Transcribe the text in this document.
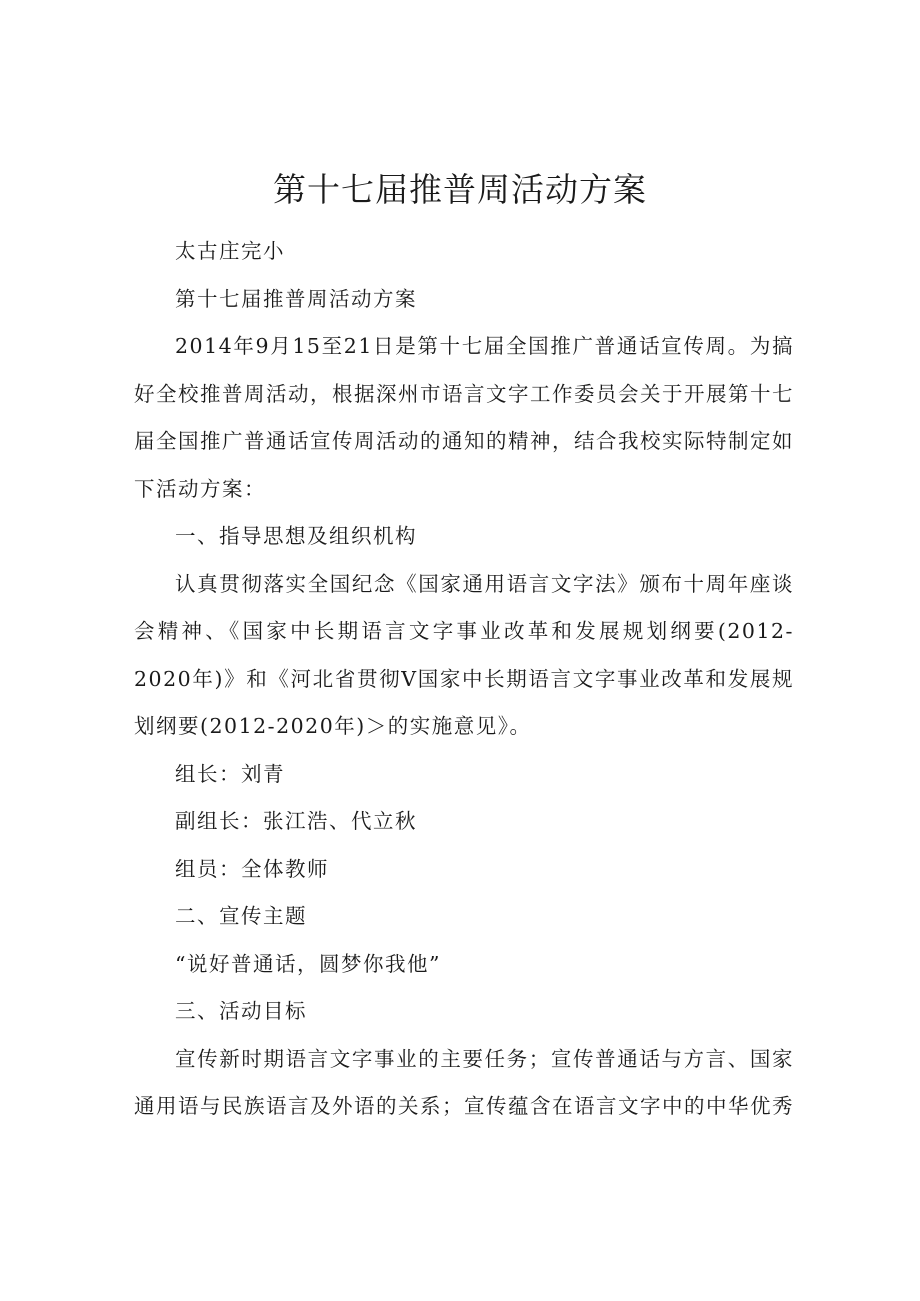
第十七届推普周活动方案

太古庄完小

第十七届推普周活动方案

2014年9月15至21日是第十七届全国推广普通话宣传周。为搞好全校推普周活动，根据深州市语言文字工作委员会关于开展第十七届全国推广普通话宣传周活动的通知的精神，结合我校实际特制定如下活动方案：

一、指导思想及组织机构

认真贯彻落实全国纪念《国家通用语言文字法》颁布十周年座谈会精神、《国家中长期语言文字事业改革和发展规划纲要(2012-2020年)》和《河北省贯彻V国家中长期语言文字事业改革和发展规划纲要(2012-2020年)＞的实施意见》。

组长：刘青

副组长：张江浩、代立秋

组员：全体教师

二、宣传主题

“说好普通话，圆梦你我他”

三、活动目标

宣传新时期语言文字事业的主要任务；宣传普通话与方言、国家通用语与民族语言及外语的关系；宣传蕴含在语言文字中的中华优秀
